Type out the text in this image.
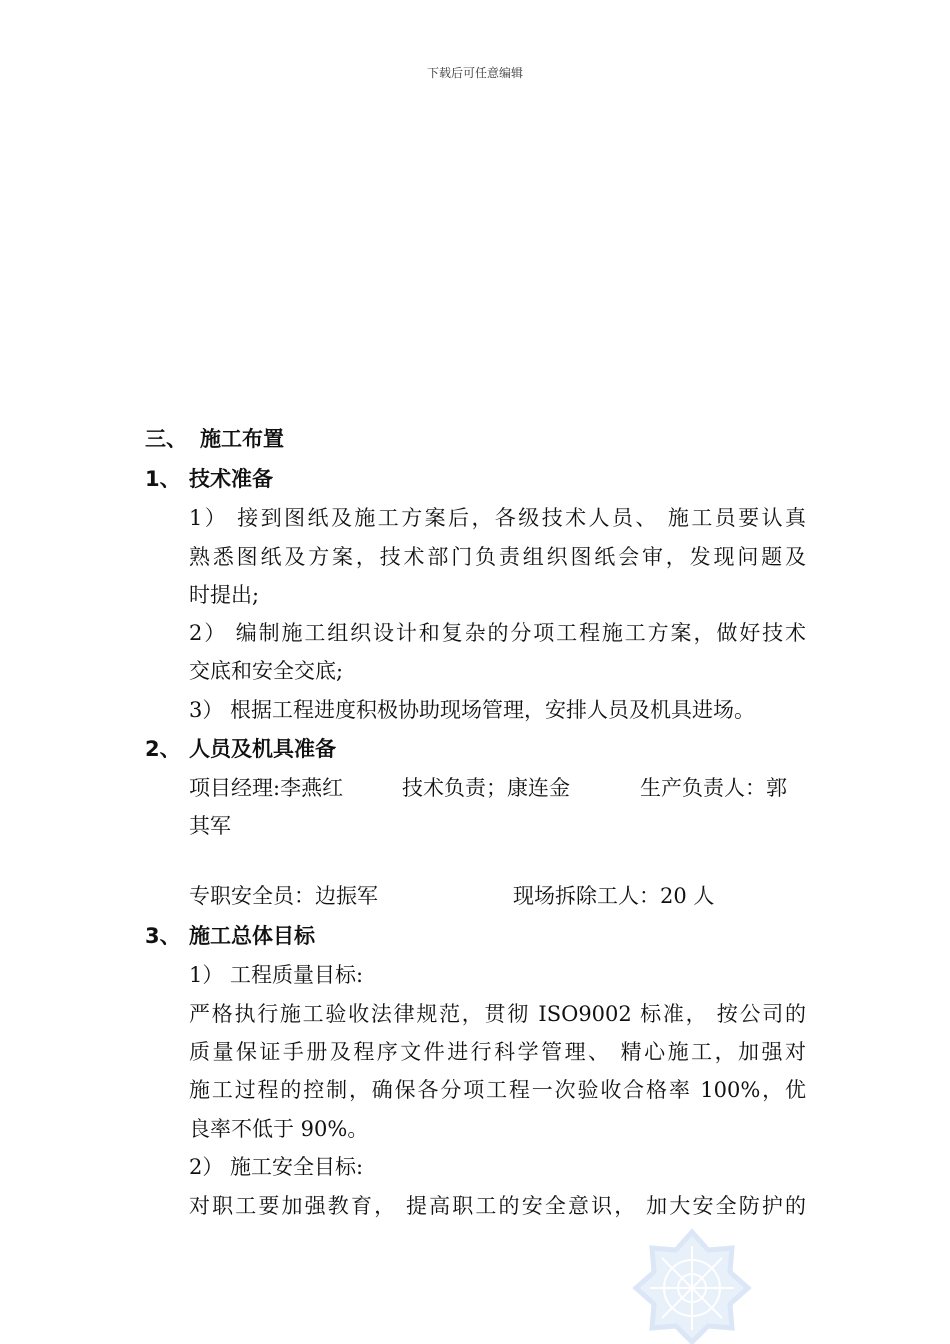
下载后可任意编辑
三、 施工布置
1、 技术准备
1） 接到图纸及施工方案后，各级技术人员、 施工员要认真
熟悉图纸及方案，技术部门负责组织图纸会审，发现问题及
时提出;
2） 编制施工组织设计和复杂的分项工程施工方案，做好技术
交底和安全交底;
3） 根据工程进度积极协助现场管理，安排人员及机具进场。
2、 人员及机具准备
项目经理:李燕红	技术负责；康连金	生产负责人：郭
其军
专职安全员：边振军	现场拆除工人：20 人
3、 施工总体目标
1） 工程质量目标:
严格执行施工验收法律规范，贯彻 ISO9002 标准， 按公司的
质量保证手册及程序文件进行科学管理、 精心施工，加强对
施工过程的控制，确保各分项工程一次验收合格率 100%，优
良率不低于 90%。
2） 施工安全目标:
对职工要加强教育， 提高职工的安全意识， 加大安全防护的
